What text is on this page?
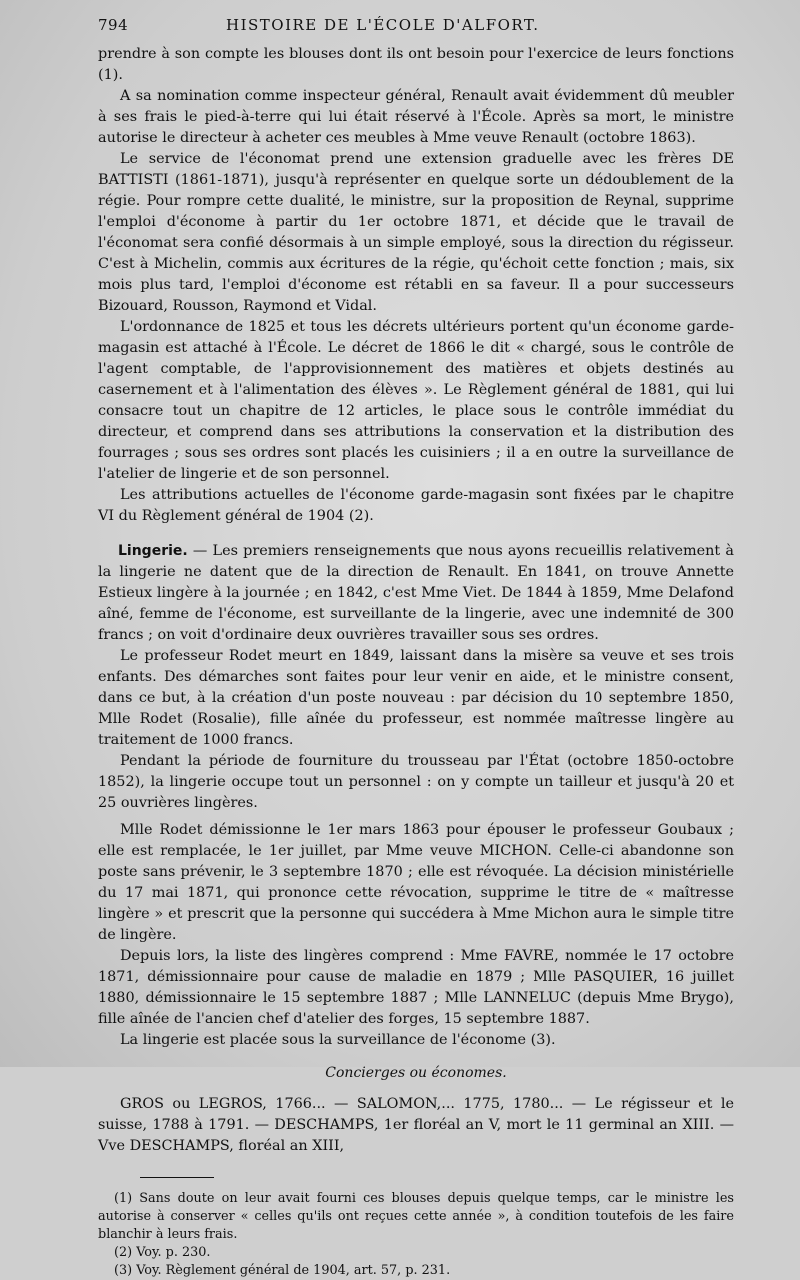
794	HISTOIRE DE L'ÉCOLE D'ALFORT.

prendre à son compte les blouses dont ils ont besoin pour l'exercice de leurs fonctions (1).

A sa nomination comme inspecteur général, Renault avait évidemment dû meubler à ses frais le pied-à-terre qui lui était réservé à l'École. Après sa mort, le ministre autorise le directeur à acheter ces meubles à Mme veuve Renault (octobre 1863).

Le service de l'économat prend une extension graduelle avec les frères DE BATTISTI (1861-1871), jusqu'à représenter en quelque sorte un dédoublement de la régie. Pour rompre cette dualité, le ministre, sur la proposition de Reynal, supprime l'emploi d'économe à partir du 1er octobre 1871, et décide que le travail de l'économat sera confié désormais à un simple employé, sous la direction du régisseur. C'est à Michelin, commis aux écritures de la régie, qu'échoit cette fonction ; mais, six mois plus tard, l'emploi d'économe est rétabli en sa faveur. Il a pour successeurs Bizouard, Rousson, Raymond et Vidal.

L'ordonnance de 1825 et tous les décrets ultérieurs portent qu'un économe garde-magasin est attaché à l'École. Le décret de 1866 le dit « chargé, sous le contrôle de l'agent comptable, de l'approvisionnement des matières et objets destinés au casernement et à l'alimentation des élèves ». Le Règlement général de 1881, qui lui consacre tout un chapitre de 12 articles, le place sous le contrôle immédiat du directeur, et comprend dans ses attributions la conservation et la distribution des fourrages ; sous ses ordres sont placés les cuisiniers ; il a en outre la surveillance de l'atelier de lingerie et de son personnel.

Les attributions actuelles de l'économe garde-magasin sont fixées par le chapitre VI du Règlement général de 1904 (2).

Lingerie. — Les premiers renseignements que nous ayons recueillis relativement à la lingerie ne datent que de la direction de Renault. En 1841, on trouve Annette Estieux lingère à la journée ; en 1842, c'est Mme Viet. De 1844 à 1859, Mme Delafond aîné, femme de l'économe, est surveillante de la lingerie, avec une indemnité de 300 francs ; on voit d'ordinaire deux ouvrières travailler sous ses ordres.

Le professeur Rodet meurt en 1849, laissant dans la misère sa veuve et ses trois enfants. Des démarches sont faites pour leur venir en aide, et le ministre consent, dans ce but, à la création d'un poste nouveau : par décision du 10 septembre 1850, Mlle Rodet (Rosalie), fille aînée du professeur, est nommée maîtresse lingère au traitement de 1000 francs.

Pendant la période de fourniture du trousseau par l'État (octobre 1850-octobre 1852), la lingerie occupe tout un personnel : on y compte un tailleur et jusqu'à 20 et 25 ouvrières lingères.

Mlle Rodet démissionne le 1er mars 1863 pour épouser le professeur Goubaux ; elle est remplacée, le 1er juillet, par Mme veuve MICHON. Celle-ci abandonne son poste sans prévenir, le 3 septembre 1870 ; elle est révoquée. La décision ministérielle du 17 mai 1871, qui prononce cette révocation, supprime le titre de « maîtresse lingère » et prescrit que la personne qui succédera à Mme Michon aura le simple titre de lingère.

Depuis lors, la liste des lingères comprend : Mme FAVRE, nommée le 17 octobre 1871, démissionnaire pour cause de maladie en 1879 ; Mlle PASQUIER, 16 juillet 1880, démissionnaire le 15 septembre 1887 ; Mlle LANNELUC (depuis Mme Brygo), fille aînée de l'ancien chef d'atelier des forges, 15 septembre 1887.

La lingerie est placée sous la surveillance de l'économe (3).

Concierges ou économes.

GROS ou LEGROS, 1766... — SALOMON,... 1775, 1780... — Le régisseur et le suisse, 1788 à 1791. — DESCHAMPS, 1er floréal an V, mort le 11 germinal an XIII. — Vve DESCHAMPS, floréal an XIII,

(1) Sans doute on leur avait fourni ces blouses depuis quelque temps, car le ministre les autorise à conserver « celles qu'ils ont reçues cette année », à condition toutefois de les faire blanchir à leurs frais.

(2) Voy. p. 230.

(3) Voy. Règlement général de 1904, art. 57, p. 231.
